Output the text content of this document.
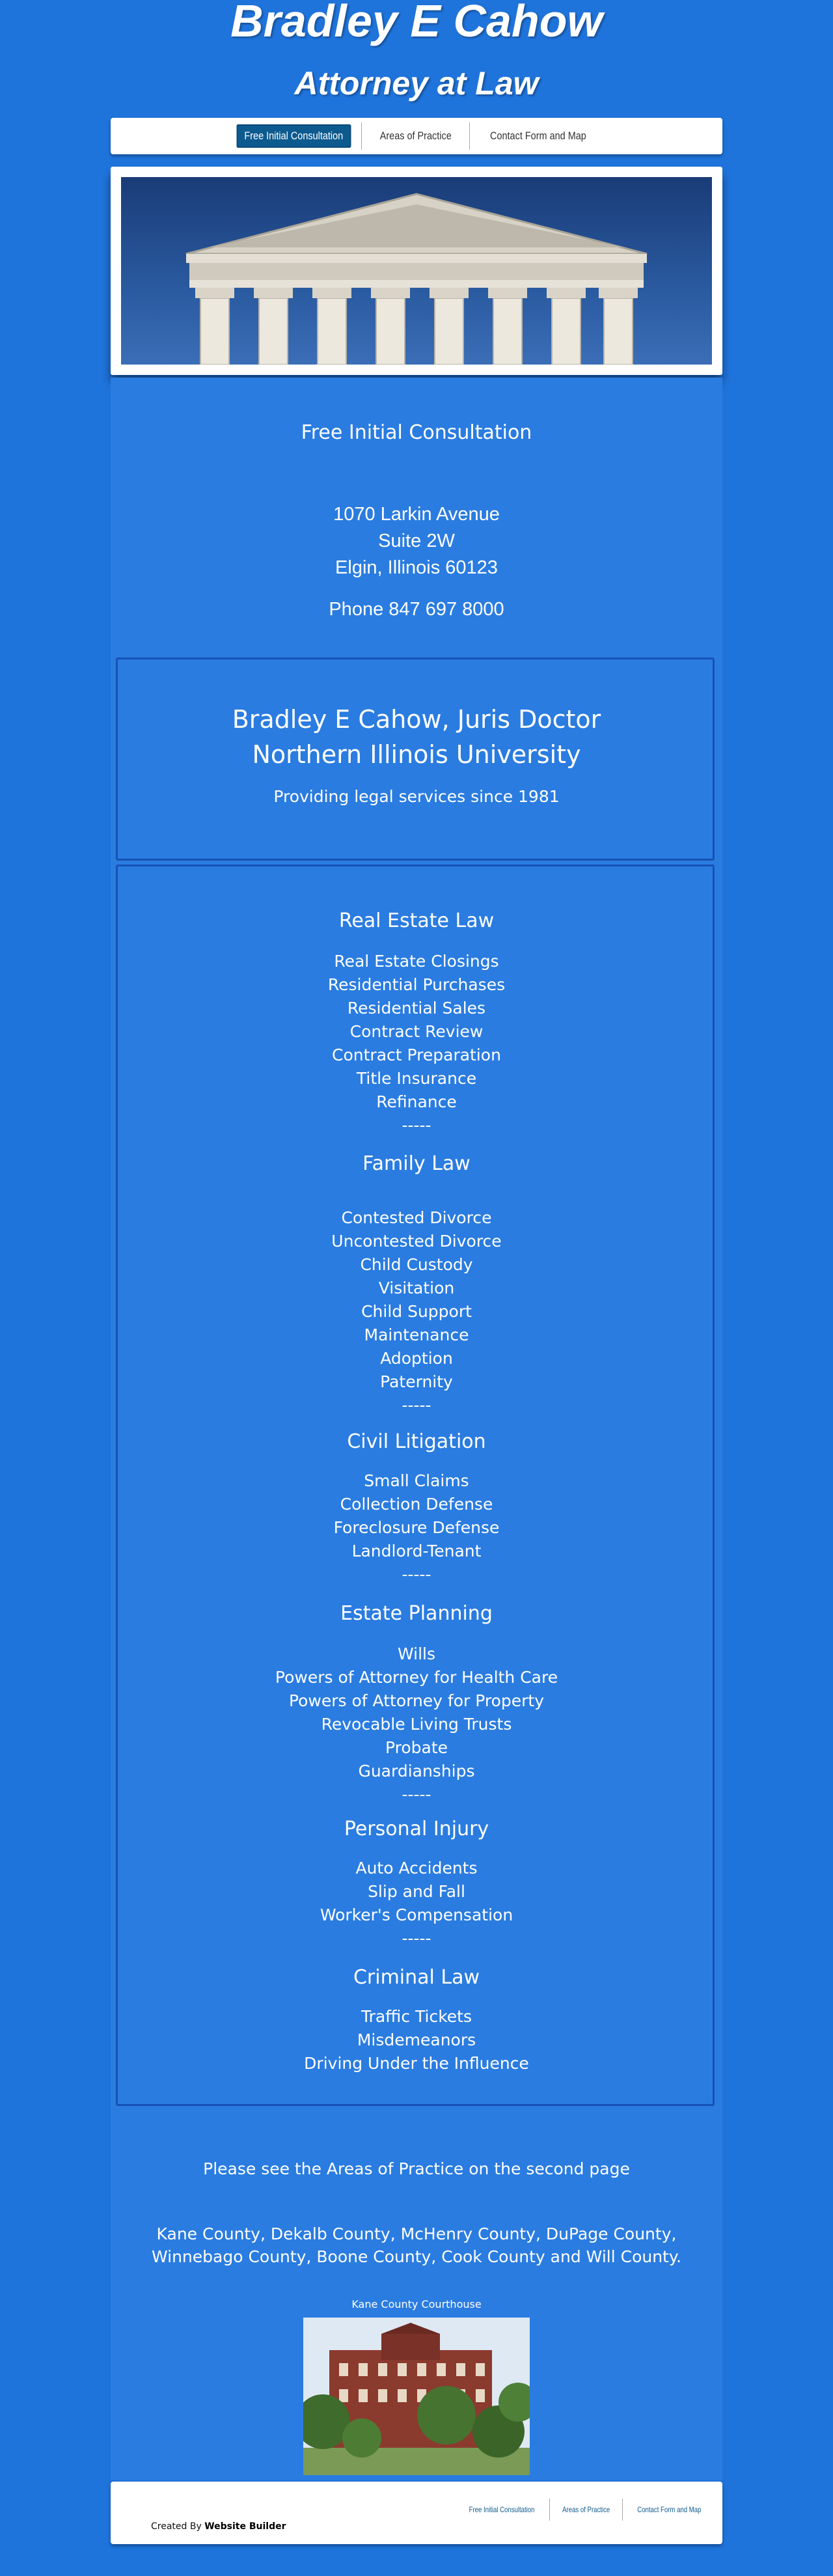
Bradley E Cahow
Attorney at Law
Free Initial Consultation	Areas of Practice	Contact Form and Map
Free Initial Consultation
1070 Larkin Avenue
Suite 2W
Elgin, Illinois 60123
Phone 847 697 8000
Bradley E Cahow, Juris Doctor
Northern Illinois University
Providing legal services since 1981
Real Estate Law
Real Estate Closings
Residential Purchases
Residential Sales
Contract Review
Contract Preparation
Title Insurance
Refinance
-----
Family Law
Contested Divorce
Uncontested Divorce
Child Custody
Visitation
Child Support
Maintenance
Adoption
Paternity
-----
Civil Litigation
Small Claims
Collection Defense
Foreclosure Defense
Landlord-Tenant
-----
Estate Planning
Wills
Powers of Attorney for Health Care
Powers of Attorney for Property
Revocable Living Trusts
Probate
Guardianships
-----
Personal Injury
Auto Accidents
Slip and Fall
Worker's Compensation
-----
Criminal Law
Traffic Tickets
Misdemeanors
Driving Under the Influence
Please see the Areas of Practice on the second page
Kane County, Dekalb County, McHenry County, DuPage County,
Winnebago County, Boone County, Cook County and Will County.
Kane County Courthouse
Free Initial Consultation	Areas of Practice	Contact Form and Map
Created By Website Builder
